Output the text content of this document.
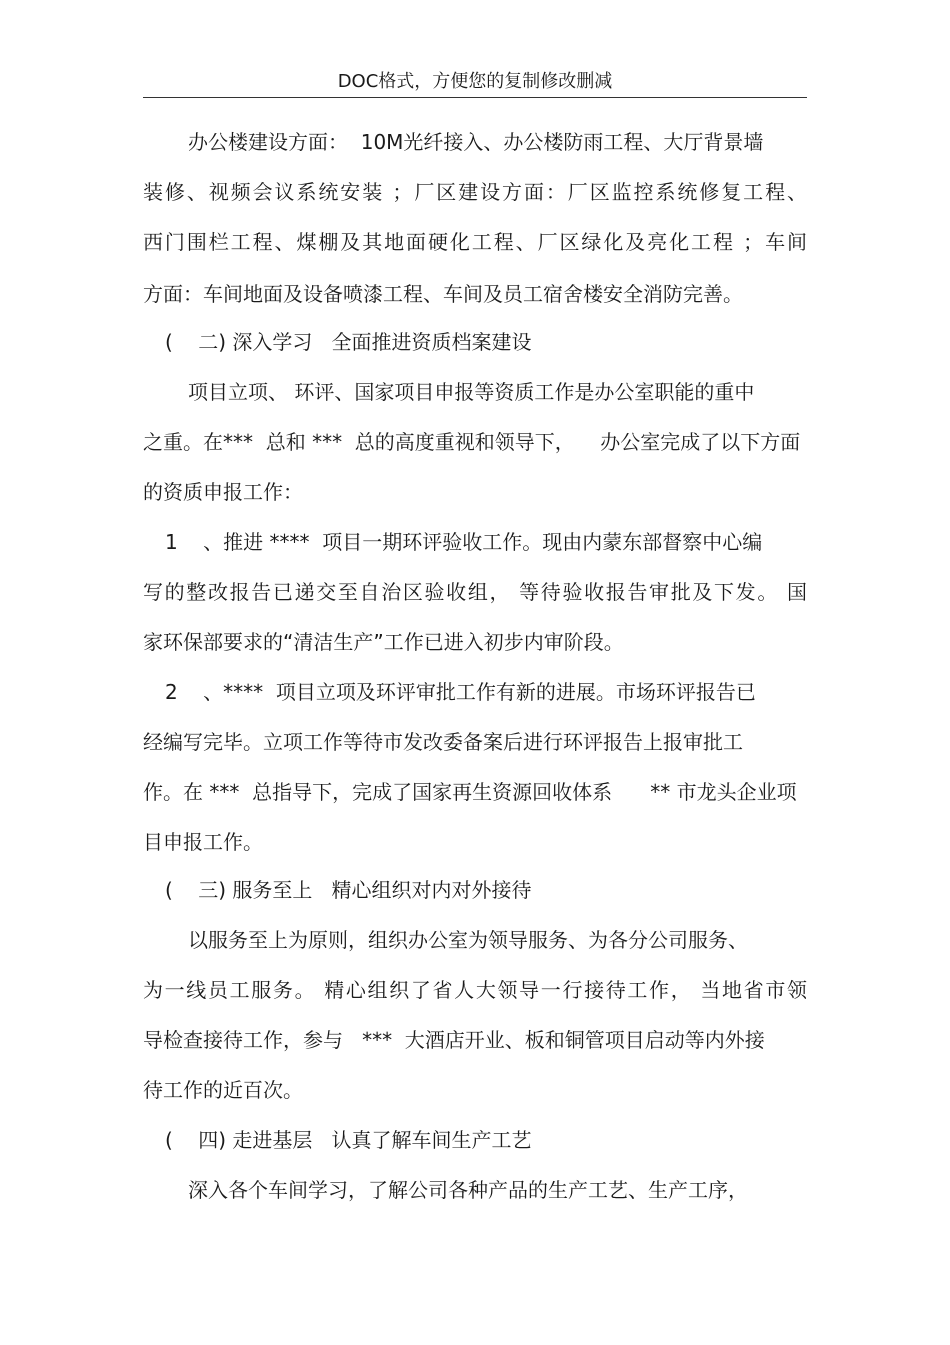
DOC格式，方便您的复制修改删减
办公楼建设方面：  10M光纤接入、办公楼防雨工程、大厅背景墙
装修、视频会议系统安装 ；厂区建设方面：厂区监控系统修复工程、
西门围栏工程、煤棚及其地面硬化工程、厂区绿化及亮化工程 ；车间
方面：车间地面及设备喷漆工程、车间及员工宿舍楼安全消防完善。
(    二) 深入学习   全面推进资质档案建设
项目立项、 环评、国家项目申报等资质工作是办公室职能的重中
之重。在***  总和 ***  总的高度重视和领导下，    办公室完成了以下方面
的资质申报工作：
1    、推进 ****  项目一期环评验收工作。现由内蒙东部督察中心编
写的整改报告已递交至自治区验收组， 等待验收报告审批及下发。 国
家环保部要求的“清洁生产”工作已进入初步内审阶段。
2    、****  项目立项及环评审批工作有新的进展。市场环评报告已
经编写完毕。立项工作等待市发改委备案后进行环评报告上报审批工
作。在 ***  总指导下，完成了国家再生资源回收体系      ** 市龙头企业项
目申报工作。
(    三) 服务至上   精心组织对内对外接待
以服务至上为原则，组织办公室为领导服务、为各分公司服务、
为一线员工服务。 精心组织了省人大领导一行接待工作， 当地省市领
导检查接待工作，参与   ***  大酒店开业、板和铜管项目启动等内外接
待工作的近百次。
(    四) 走进基层   认真了解车间生产工艺
深入各个车间学习，了解公司各种产品的生产工艺、生产工序，
